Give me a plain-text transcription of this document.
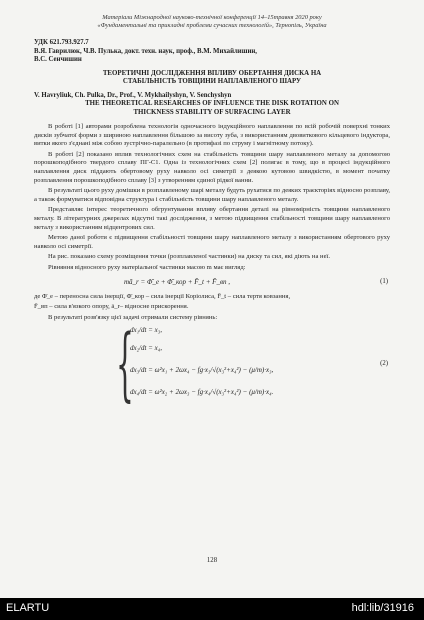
Матеріали Міжнародної науково-технічної конференції 14–15травня 2020 року
«Фундаментальні та прикладні проблеми сучасних технологій», Тернопіль, Україна
УДК 621.793.927.7
В.Я. Гаврилюк, Ч.В. Пулька, докт. техн. наук, проф., В.М. Михайлишин,
В.С. Сенчишин
ТЕОРЕТИЧНІ ДОСЛІДЖЕННЯ ВПЛИВУ ОБЕРТАННЯ ДИСКА НА
СТАБІЛЬНІСТЬ ТОВЩИНИ НАПЛАВЛЕНОГО ШАРУ
V. Havryliuk, Ch. Pulka, Dr., Prof., V. Mykhailyshyn, V. Senchyshyn
THE THEORETICAL RESEARCHES OF INFLUENCE THE DISK ROTATION ON
THICKNESS STABILITY OF SURFACING LAYER

В роботі [1] авторами розроблена технологія одночасного індукційного наплавлення по всій робочій поверхні тонких дисків зубчатої форми з шириною наплавлення більшою за висоту зуба, з використанням двовиткового кільцевого індуктора, витки якого з'єднані між собою зустрічно-паралельно (в протифазі по струму і магнітному потоку).

В роботі [2] показано вплив технологічних схем на стабільність товщини шару наплавленого металу за допомогою порошкоподібного твердого сплаву ПГ-С1. Одна із технологічних схем [2] полягає в тому, що в процесі індукційного наплавлення диск піддають обертовому руху навколо осі симетрії з деякою кутовою швидкістю, в момент початку розплавлення порошкоподібного сплаву [3] з утворенням єдиної рідкої ванни.

В результаті цього руху домішки в розплавленому шарі металу будуть рухатися по деяких траєкторіях відносно розплаву, а також формуватися відповідна структура і стабільність товщини шару наплавленого металу.

Представляє інтерес теоретичного обгрунтування впливу обертання деталі на рівномірність товщини наплавленого металу. В літературних джерелах відсутні такі дослідження, з метою підвищення стабільності товщини шару наплавленого металу з використанням відцентрових сил.

Метою даної роботи є підвищення стабільності товщини шару наплавленого металу з використанням обертового руху навколо осі симетрії.

На рис. показано схему розміщення точки (розплавленої частинки) на диску та сил, які діють на неї.

Рівняння відносного руху матеріальної частинки масою m має вигляд:

mā_r = Φ̄_e + Φ̄_кор + F̄_t + F̄_вп ,	(1)

де Φ̄_e – переносна сила інерції, Φ̄_кор – сила інерції Коріолиса, F̄_t – сила тертя ковзання,

F̄_вп – сила в'язкого опору, ā_r– відносне прискорення.

В результаті розв'язку цієї задачі отримали систему рівнянь:

{
dx₁/dt = x₃,
dx₂/dt = x₄,
dx₃/dt = ω²x₁ + 2ωx₄ − fg·x₃/√(x₃²+x₄²) − (μ/m)·x₃,
dx₄/dt = ω²x₂ + 2ωx₃ − fg·x₄/√(x₃²+x₄²) − (μ/m)·x₄.
(2)
128
ELARTU	hdl:lib/31916
